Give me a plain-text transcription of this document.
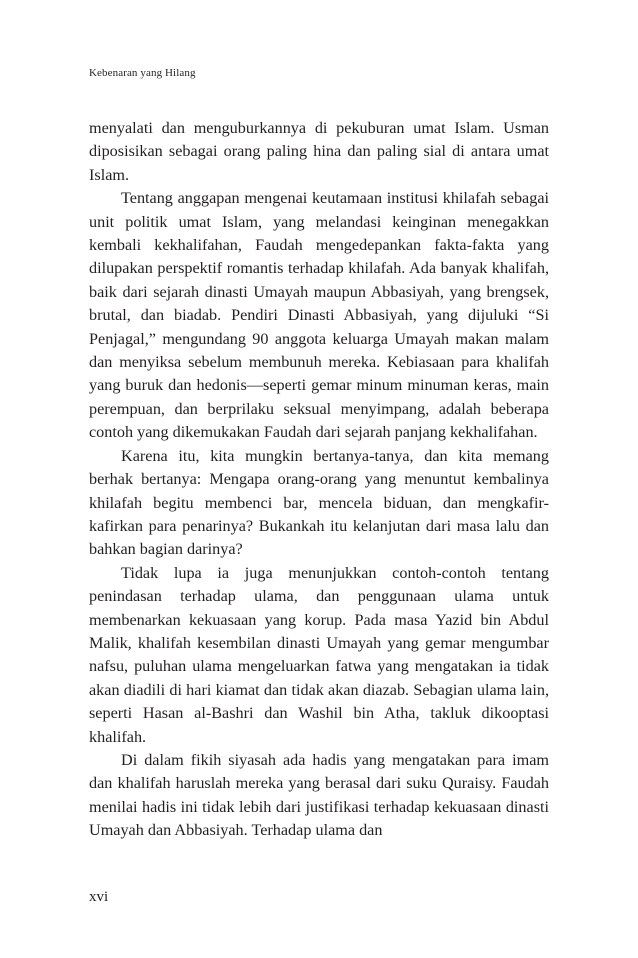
Kebenaran yang Hilang

menyalati dan menguburkannya di pekuburan umat Islam. Usman diposisikan sebagai orang paling hina dan paling sial di antara umat Islam.

Tentang anggapan mengenai keutamaan institusi khilafah sebagai unit politik umat Islam, yang melandasi keinginan menegakkan kembali kekhalifahan, Faudah mengedepankan fakta-fakta yang dilupakan perspektif romantis terhadap khilafah. Ada banyak khalifah, baik dari sejarah dinasti Umayah maupun Abbasiyah, yang brengsek, brutal, dan biadab. Pendiri Dinasti Abbasiyah, yang dijuluki “Si Penjagal,” mengundang 90 anggota keluarga Umayah makan malam dan menyiksa sebelum membunuh mereka. Kebiasaan para khalifah yang buruk dan hedonis—seperti gemar minum minuman keras, main perempuan, dan berprilaku seksual menyimpang, adalah beberapa contoh yang dikemukakan Faudah dari sejarah panjang kekhalifahan.

Karena itu, kita mungkin bertanya-tanya, dan kita memang berhak bertanya: Mengapa orang-orang yang menuntut kembalinya khilafah begitu membenci bar, mencela biduan, dan mengkafir-kafirkan para penarinya? Bukankah itu kelanjutan dari masa lalu dan bahkan bagian darinya?

Tidak lupa ia juga menunjukkan contoh-contoh tentang penindasan terhadap ulama, dan penggunaan ulama untuk membenarkan kekuasaan yang korup. Pada masa Yazid bin Abdul Malik, khalifah kesembilan dinasti Umayah yang gemar mengumbar nafsu, puluhan ulama mengeluarkan fatwa yang mengatakan ia tidak akan diadili di hari kiamat dan tidak akan diazab. Sebagian ulama lain, seperti Hasan al-Bashri dan Washil bin Atha, takluk dikooptasi khalifah.

Di dalam fikih siyasah ada hadis yang mengatakan para imam dan khalifah haruslah mereka yang berasal dari suku Quraisy. Faudah menilai hadis ini tidak lebih dari justifikasi terhadap kekuasaan dinasti Umayah dan Abbasiyah. Terhadap ulama dan

xvi
